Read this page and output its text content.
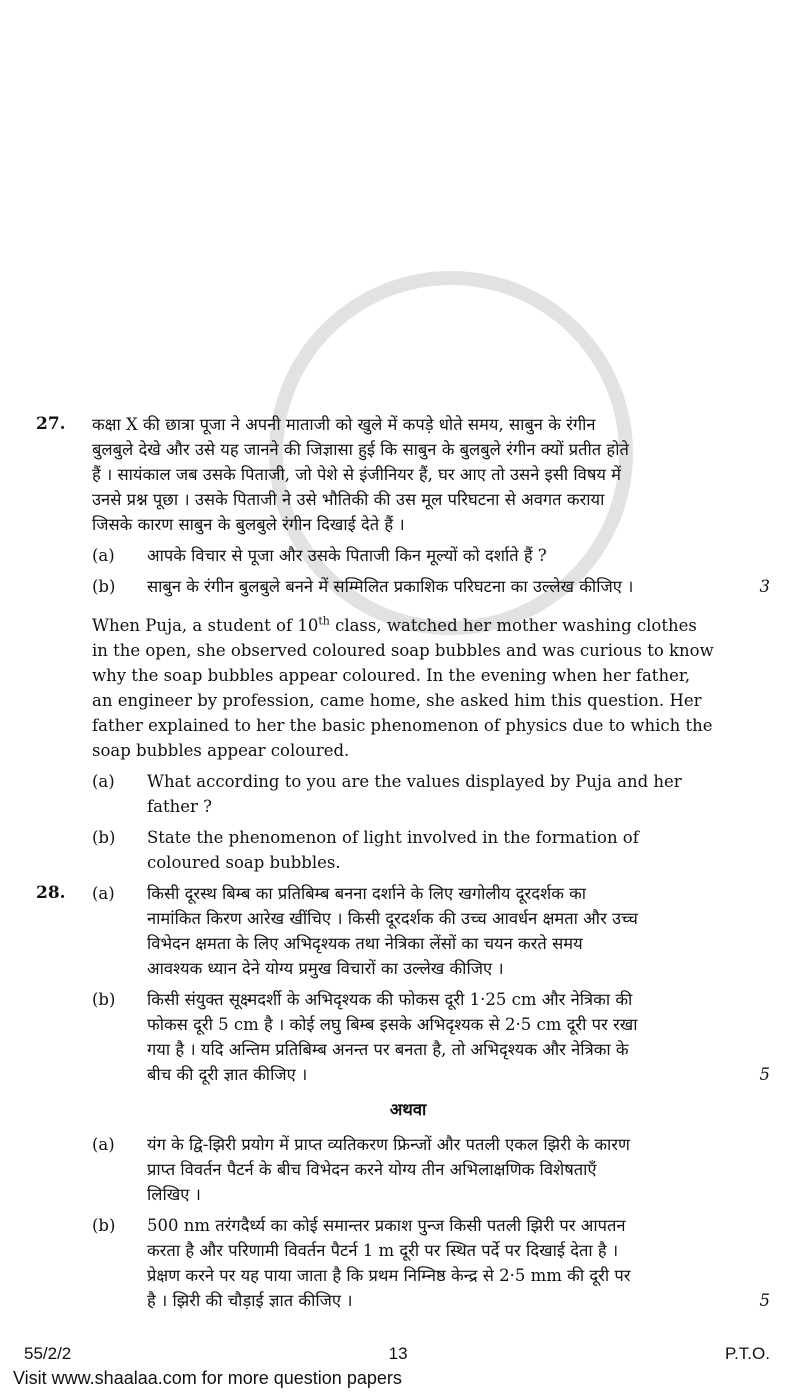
27.	कक्षा X की छात्रा पूजा ने अपनी माताजी को खुले में कपड़े धोते समय, साबुन के रंगीन
बुलबुले देखे और उसे यह जानने की जिज्ञासा हुई कि साबुन के बुलबुले रंगीन क्यों प्रतीत होते
हैं । सायंकाल जब उसके पिताजी, जो पेशे से इंजीनियर हैं, घर आए तो उसने इसी विषय में
उनसे प्रश्न पूछा । उसके पिताजी ने उसे भौतिकी की उस मूल परिघटना से अवगत कराया
जिसके कारण साबुन के बुलबुले रंगीन दिखाई देते हैं ।
(a)	आपके विचार से पूजा और उसके पिताजी किन मूल्यों को दर्शाते हैं ?
(b)	साबुन के रंगीन बुलबुले बनने में सम्मिलित प्रकाशिक परिघटना का उल्लेख कीजिए ।	3
When Puja, a student of 10th class, watched her mother washing clothes
in the open, she observed coloured soap bubbles and was curious to know
why the soap bubbles appear coloured. In the evening when her father,
an engineer by profession, came home, she asked him this question. Her
father explained to her the basic phenomenon of physics due to which the
soap bubbles appear coloured.
(a)	What according to you are the values displayed by Puja and her
father ?
(b)	State the phenomenon of light involved in the formation of
coloured soap bubbles.
28.	(a)	किसी दूरस्थ बिम्ब का प्रतिबिम्ब बनना दर्शाने के लिए खगोलीय दूरदर्शक का
नामांकित किरण आरेख खींचिए । किसी दूरदर्शक की उच्च आवर्धन क्षमता और उच्च
विभेदन क्षमता के लिए अभिदृश्यक तथा नेत्रिका लेंसों का चयन करते समय
आवश्यक ध्यान देने योग्य प्रमुख विचारों का उल्लेख कीजिए ।
(b)	किसी संयुक्त सूक्ष्मदर्शी के अभिदृश्यक की फोकस दूरी 1·25 cm और नेत्रिका की
फोकस दूरी 5 cm है । कोई लघु बिम्ब इसके अभिदृश्यक से 2·5 cm दूरी पर रखा
गया है । यदि अन्तिम प्रतिबिम्ब अनन्त पर बनता है, तो अभिदृश्यक और नेत्रिका के
बीच की दूरी ज्ञात कीजिए ।	5
अथवा
(a)	यंग के द्वि-झिरी प्रयोग में प्राप्त व्यतिकरण फ्रिन्जों और पतली एकल झिरी के कारण
प्राप्त विवर्तन पैटर्न के बीच विभेदन करने योग्य तीन अभिलाक्षणिक विशेषताएँ
लिखिए ।
(b)	500 nm तरंगदैर्ध्य का कोई समान्तर प्रकाश पुन्ज किसी पतली झिरी पर आपतन
करता है और परिणामी विवर्तन पैटर्न 1 m दूरी पर स्थित पर्दे पर दिखाई देता है ।
प्रेक्षण करने पर यह पाया जाता है कि प्रथम निम्निष्ठ केन्द्र से 2·5 mm की दूरी पर
है । झिरी की चौड़ाई ज्ञात कीजिए ।	5
55/2/2	13	P.T.O.
Visit www.shaalaa.com for more question papers
